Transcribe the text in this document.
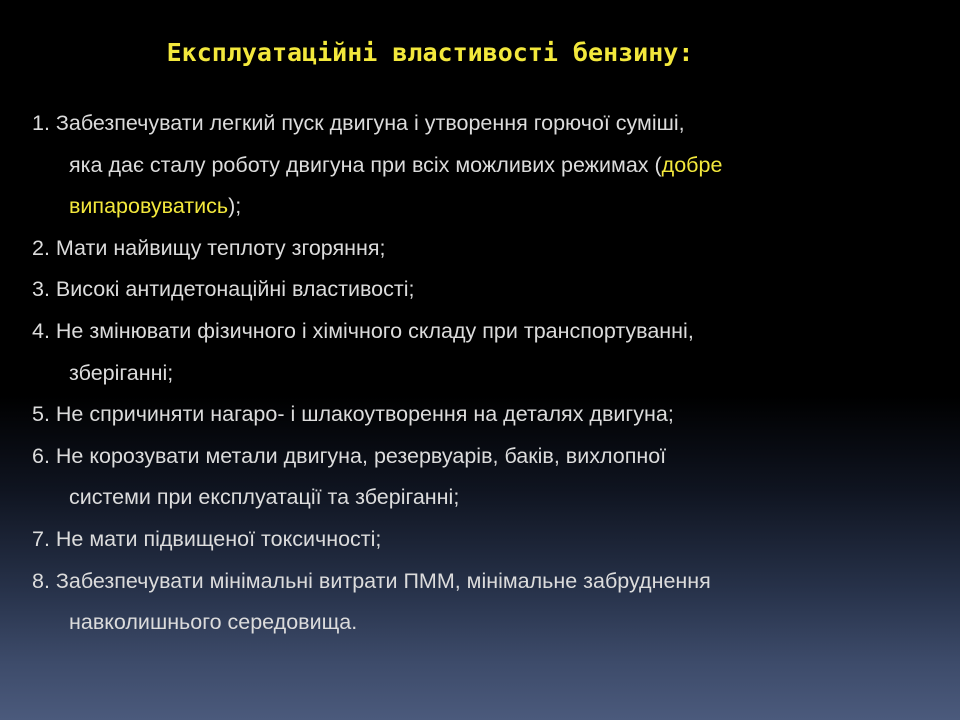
Експлуатаційні властивості бензину:
1. Забезпечувати легкий пуск двигуна і утворення горючої суміші,
яка дає сталу роботу двигуна при всіх можливих режимах (добре
випаровуватись);
2. Мати найвищу теплоту згоряння;
3. Високі антидетонаційні властивості;
4. Не змінювати фізичного і хімічного складу при транспортуванні,
зберіганні;
5. Не спричиняти нагаро- і шлакоутворення на деталях двигуна;
6. Не корозувати метали двигуна, резервуарів, баків, вихлопної
системи при експлуатації та зберіганні;
7. Не мати підвищеної токсичності;
8. Забезпечувати мінімальні витрати ПММ, мінімальне забруднення
навколишнього середовища.
